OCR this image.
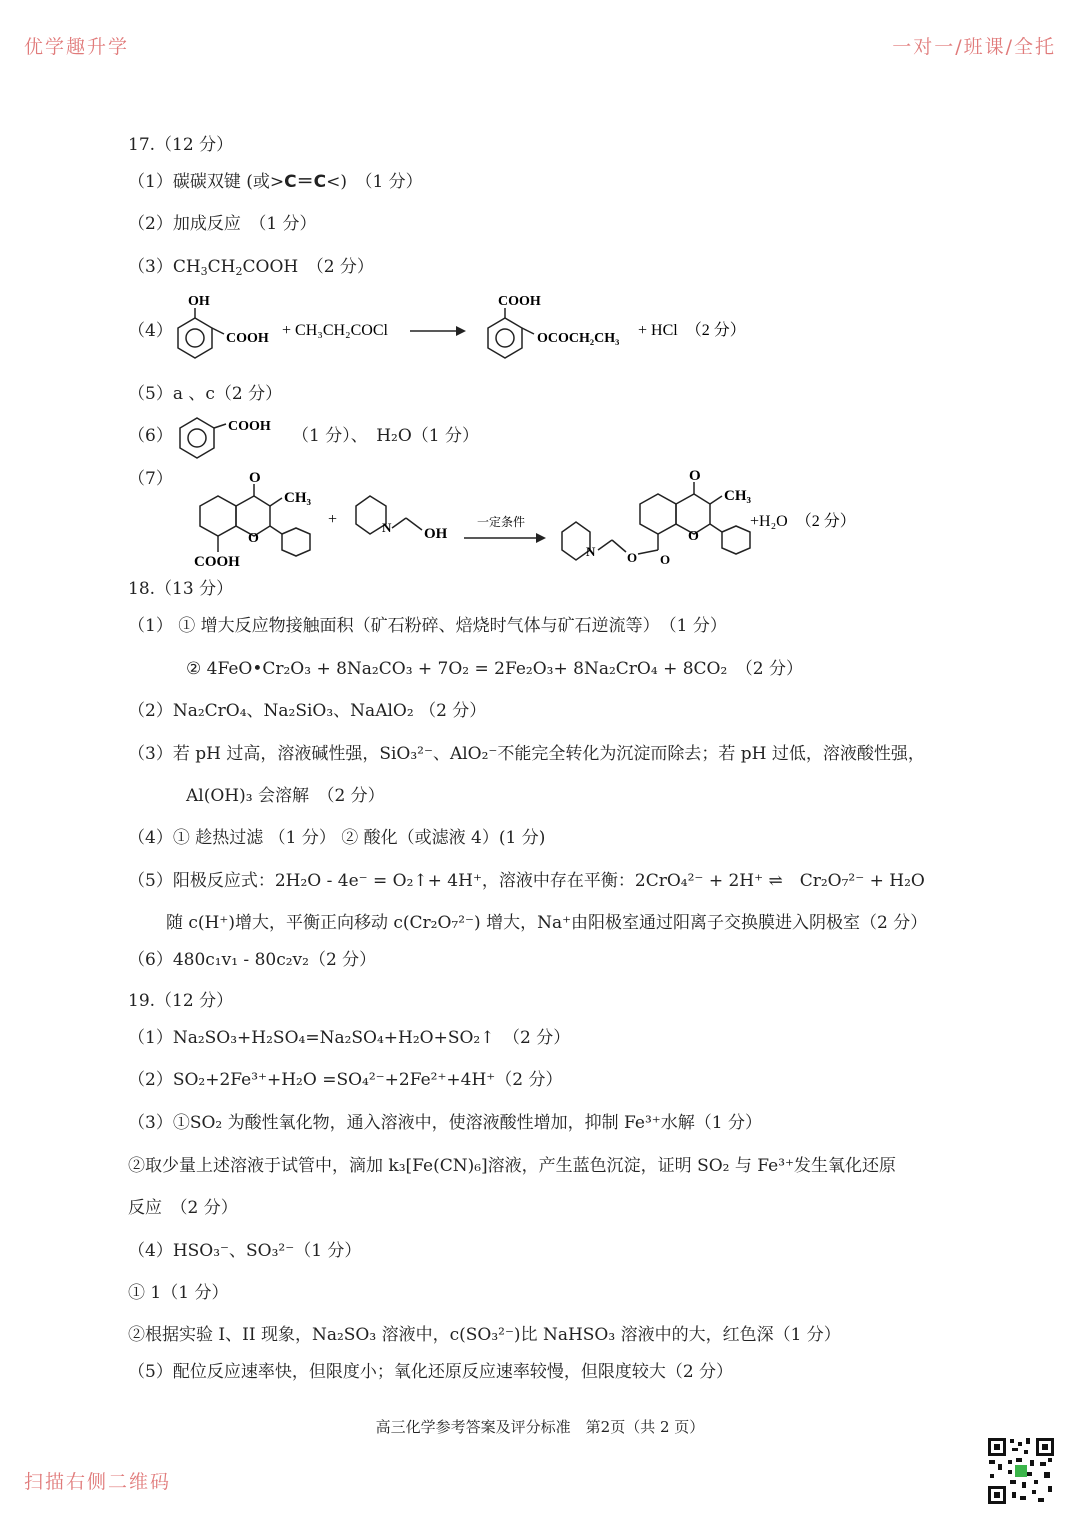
优学趣升学	一对一/班课/全托
17.（12 分）
（1）碳碳双键 (或>C＝C<)　（1 分）
（2）加成反应　（1 分）
$(3)CH_3CH_2COOH$　（2 分）
（4）
OH
COOH + CH₃CH₂COCl
COOH
OCOCH₂CH₃ + HCl　（2 分）
（5）a 、c（2 分）
（6）	COOH （1 分）、　H₂O（1 分）
（7）	O
CH₃
O
COOH
+	N OH
一定条件
N O O
O
CH₃
O
+H₂O　（2 分）
18.（13 分）
（1） ① 增大反应物接触面积（矿石粉碎、焙烧时气体与矿石逆流等）　（1 分）
② 4FeO•Cr₂O₃ + 8Na₂CO₃ + 7O₂ = 2Fe₂O₃+ 8Na₂CrO₄ + 8CO₂　（2 分）
（2）Na₂CrO₄、Na₂SiO₃、NaAlO₂ （2 分）
（3）若 pH 过高，溶液碱性强，SiO₃²⁻、AlO₂⁻不能完全转化为沉淀而除去；若 pH 过低，溶液酸性强，
Al(OH)₃ 会溶解　（2 分）
（4）① 趁热过滤 （1 分） ② 酸化（或滤液 4）(1 分)
（5）阳极反应式：2H₂O - 4e⁻ = O₂↑+ 4H⁺，溶液中存在平衡：2CrO₄²⁻ + 2H⁺ ⇌　Cr₂O₇²⁻ + H₂O
随 c(H⁺)增大，平衡正向移动 c(Cr₂O₇²⁻) 增大，Na⁺由阳极室通过阳离子交换膜进入阴极室（2 分）
（6）480c₁v₁ - 80c₂v₂（2 分）
19.（12 分）
（1）Na₂SO₃+H₂SO₄=Na₂SO₄+H₂O+SO₂↑　（2 分）
（2）SO₂+2Fe³⁺+H₂O =SO₄²⁻+2Fe²⁺+4H⁺（2 分）
（3）①SO₂ 为酸性氧化物，通入溶液中，使溶液酸性增加，抑制 Fe³⁺水解（1 分）
②取少量上述溶液于试管中，滴加 k₃[Fe(CN)₆]溶液，产生蓝色沉淀，证明 SO₂ 与 Fe³⁺发生氧化还原
反应　（2 分）
（4）HSO₃⁻、SO₃²⁻（1 分）
① 1（1 分）
②根据实验 I、II 现象，Na₂SO₃ 溶液中，c(SO₃²⁻)比 NaHSO₃ 溶液中的大，红色深（1 分）
（5）配位反应速率快，但限度小；氧化还原反应速率较慢，但限度较大（2 分）
高三化学参考答案及评分标准　第2页（共 2 页）
扫描右侧二维码
